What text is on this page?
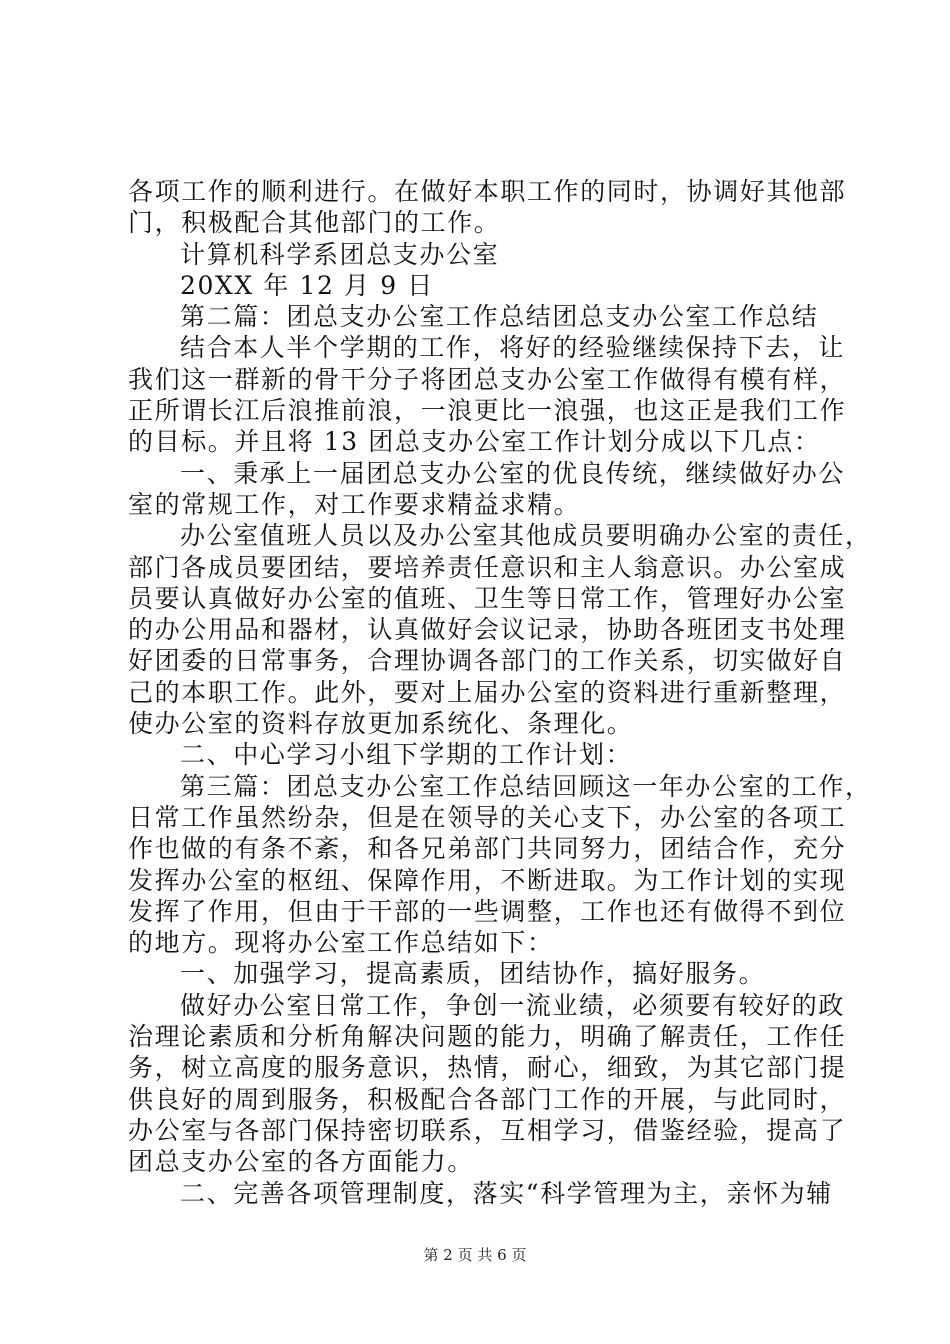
各项工作的顺利进行。在做好本职工作的同时，协调好其他部
门，积极配合其他部门的工作。
计算机科学系团总支办公室
20XX 年 12 月 9 日
第二篇：团总支办公室工作总结团总支办公室工作总结
结合本人半个学期的工作，将好的经验继续保持下去，让
我们这一群新的骨干分子将团总支办公室工作做得有模有样，
正所谓长江后浪推前浪，一浪更比一浪强，也这正是我们工作
的目标。并且将 13 团总支办公室工作计划分成以下几点：
一、秉承上一届团总支办公室的优良传统，继续做好办公
室的常规工作，对工作要求精益求精。
办公室值班人员以及办公室其他成员要明确办公室的责任，
部门各成员要团结，要培养责任意识和主人翁意识。办公室成
员要认真做好办公室的值班、卫生等日常工作，管理好办公室
的办公用品和器材，认真做好会议记录，协助各班团支书处理
好团委的日常事务，合理协调各部门的工作关系，切实做好自
己的本职工作。此外，要对上届办公室的资料进行重新整理，
使办公室的资料存放更加系统化、条理化。
二、中心学习小组下学期的工作计划：
第三篇：团总支办公室工作总结回顾这一年办公室的工作，
日常工作虽然纷杂，但是在领导的关心支下，办公室的各项工
作也做的有条不紊，和各兄弟部门共同努力，团结合作，充分
发挥办公室的枢纽、保障作用，不断进取。为工作计划的实现
发挥了作用，但由于干部的一些调整，工作也还有做得不到位
的地方。现将办公室工作总结如下：
一、加强学习，提高素质，团结协作，搞好服务。
做好办公室日常工作，争创一流业绩，必须要有较好的政
治理论素质和分析角解决问题的能力，明确了解责任，工作任
务，树立高度的服务意识，热情，耐心，细致，为其它部门提
供良好的周到服务，积极配合各部门工作的开展，与此同时，
办公室与各部门保持密切联系，互相学习，借鉴经验，提高了
团总支办公室的各方面能力。
二、完善各项管理制度，落实“科学管理为主，亲怀为辅
第 2 页 共 6 页
